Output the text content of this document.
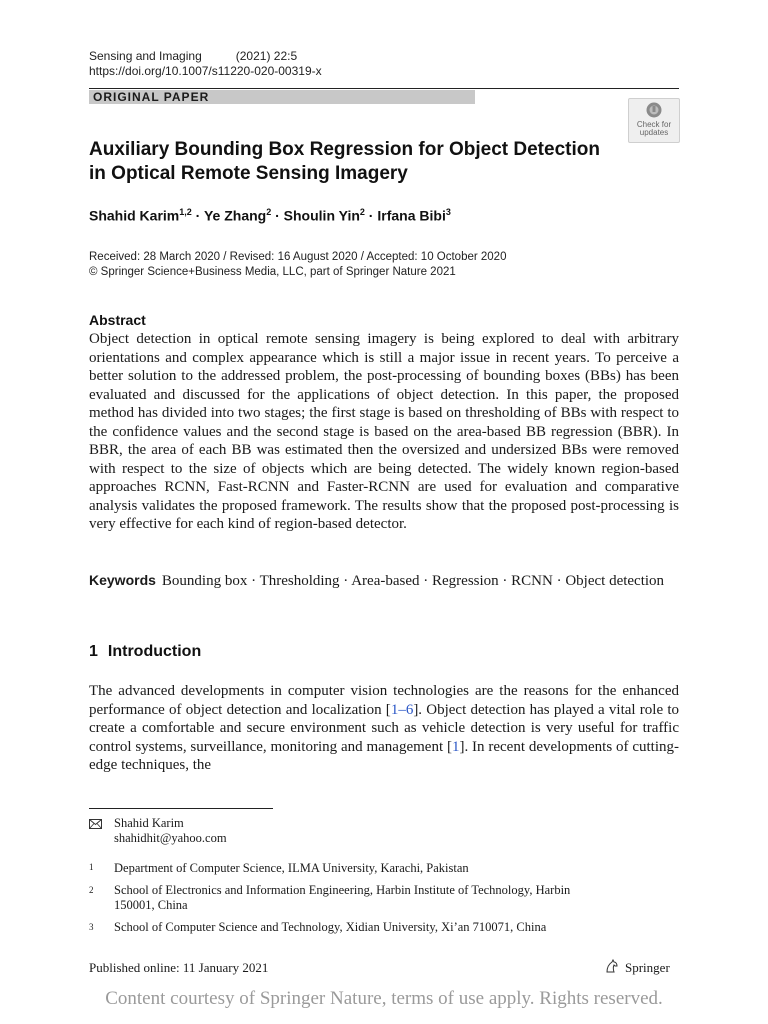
Sensing and Imaging	(2021) 22:5
https://doi.org/10.1007/s11220-020-00319-x
ORIGINAL PAPER
Check for
updates
Auxiliary Bounding Box Regression for Object Detection
in Optical Remote Sensing Imagery
Shahid Karim$^{1,2}$ · Ye Zhang$^2$ · Shoulin Yin$^2$ · Irfana Bibi$^3$
Received: 28 March 2020 / Revised: 16 August 2020 / Accepted: 10 October 2020
© Springer Science+Business Media, LLC, part of Springer Nature 2021
Abstract
Object detection in optical remote sensing imagery is being explored to deal with arbitrary orientations and complex appearance which is still a major issue in recent years. To perceive a better solution to the addressed problem, the post-processing of bounding boxes (BBs) has been evaluated and discussed for the applications of object detection. In this paper, the proposed method has divided into two stages; the first stage is based on thresholding of BBs with respect to the confidence values and the second stage is based on the area-based BB regression (BBR). In BBR, the area of each BB was estimated then the oversized and undersized BBs were removed with respect to the size of objects which are being detected. The widely known region-based approaches RCNN, Fast-RCNN and Faster-RCNN are used for evaluation and comparative analysis validates the proposed framework. The results show that the proposed post-processing is very effective for each kind of region-based detector.
Keywords Bounding box · Thresholding · Area-based · Regression · RCNN · Object detection
1 Introduction
The advanced developments in computer vision technologies are the reasons for the enhanced performance of object detection and localization [1–6]. Object detection has played a vital role to create a comfortable and secure environment such as vehicle detection is very useful for traffic control systems, surveillance, monitoring and management [1]. In recent developments of cutting-edge techniques, the
Shahid Karim
shahidhit@yahoo.com
1 Department of Computer Science, ILMA University, Karachi, Pakistan
2 School of Electronics and Information Engineering, Harbin Institute of Technology, Harbin 150001, China
3 School of Computer Science and Technology, Xidian University, Xi’an 710071, China
Published online: 11 January 2021	Springer
Content courtesy of Springer Nature, terms of use apply. Rights reserved.
